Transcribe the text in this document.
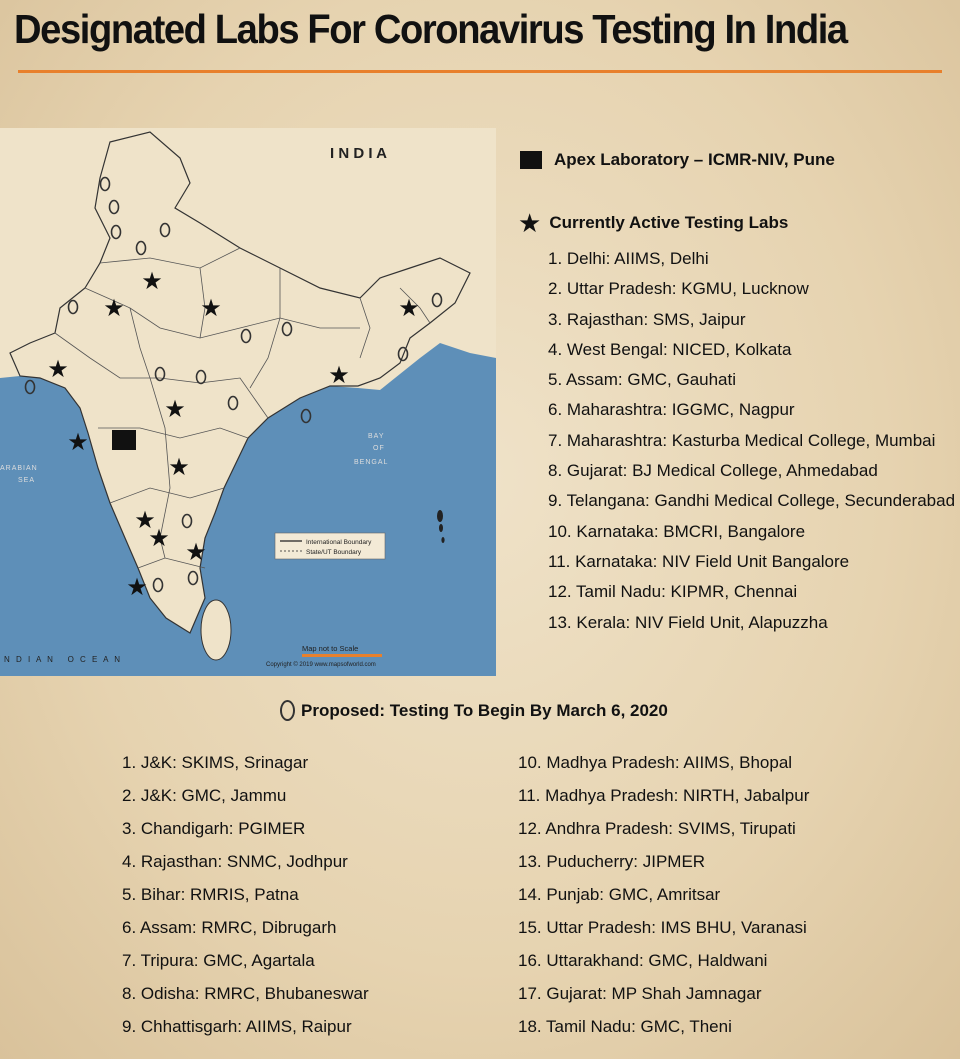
Designated Labs For Coronavirus Testing In India
I N D I A
ARABIAN
SEA
BAY
OF
BENGAL
N D I A N   O C E A N
International Boundary
State/UT Boundary
Map not to Scale
Copyright © 2019 www.mapsofworld.com
★
★	★	★
★	★
★
★
★
★
★ ★
★
Apex Laboratory – ICMR-NIV, Pune
★ Currently Active Testing Labs
1. Delhi: AIIMS, Delhi
2. Uttar Pradesh: KGMU, Lucknow
3. Rajasthan: SMS, Jaipur
4. West Bengal: NICED, Kolkata
5. Assam: GMC, Gauhati
6. Maharashtra: IGGMC, Nagpur
7. Maharashtra: Kasturba Medical College, Mumbai
8. Gujarat: BJ Medical College, Ahmedabad
9. Telangana: Gandhi Medical College, Secunderabad
10. Karnataka: BMCRI, Bangalore
11. Karnataka: NIV Field Unit Bangalore
12. Tamil Nadu: KIPMR, Chennai
13. Kerala: NIV Field Unit, Alapuzzha
Proposed: Testing To Begin By March 6, 2020
1. J&K: SKIMS, Srinagar
2. J&K: GMC, Jammu
3. Chandigarh: PGIMER
4. Rajasthan: SNMC, Jodhpur
5. Bihar: RMRIS, Patna
6. Assam: RMRC, Dibrugarh
7. Tripura: GMC, Agartala
8. Odisha: RMRC, Bhubaneswar
9. Chhattisgarh: AIIMS, Raipur
10. Madhya Pradesh: AIIMS, Bhopal
11. Madhya Pradesh: NIRTH, Jabalpur
12. Andhra Pradesh: SVIMS, Tirupati
13. Puducherry: JIPMER
14. Punjab: GMC, Amritsar
15. Uttar Pradesh: IMS BHU, Varanasi
16. Uttarakhand: GMC, Haldwani
17. Gujarat: MP Shah Jamnagar
18. Tamil Nadu: GMC, Theni
